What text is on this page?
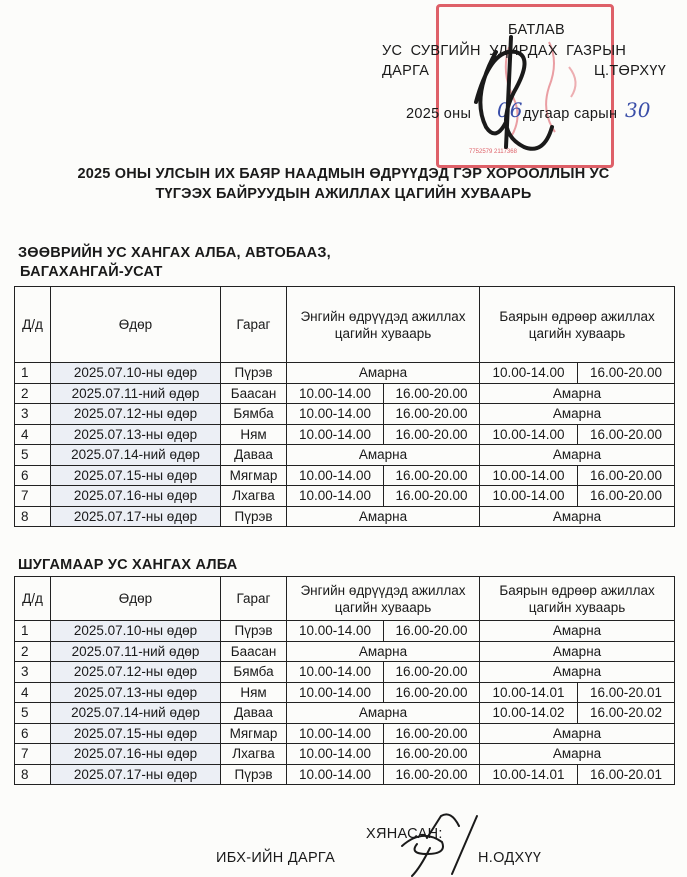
7752579 2117368
БАТЛАВ
УС СУВГИЙН УДИРДАХ ГАЗРЫН
ДАРГА	Ц.ТӨРХҮҮ
2025 оны 06 дугаар сарын 30
2025 ОНЫ УЛСЫН ИХ БАЯР НААДМЫН ӨДРҮҮДЭД ГЭР ХОРООЛЛЫН УС
ТҮГЭЭХ БАЙРУУДЫН АЖИЛЛАХ ЦАГИЙН ХУВААРЬ
ЗӨӨВРИЙН УС ХАНГАХ АЛБА, АВТОБААЗ,
БАГАХАНГАЙ-УСАТ
Д/д	Өдөр	Гараг	Энгийн өдрүүдэд ажиллах цагийн хуваарь		Баярын өдрөөр ажиллах цагийн хуваарь	
1	2025.07.10-ны өдөр	Пүрэв	Амарна		10.00-14.00	16.00-20.00
2	2025.07.11-ний өдөр	Баасан	10.00-14.00	16.00-20.00	Амарна	
3	2025.07.12-ны өдөр	Бямба	10.00-14.00	16.00-20.00	Амарна	
4	2025.07.13-ны өдөр	Ням	10.00-14.00	16.00-20.00	10.00-14.00	16.00-20.00
5	2025.07.14-ний өдөр	Даваа	Амарна		Амарна	
6	2025.07.15-ны өдөр	Мягмар	10.00-14.00	16.00-20.00	10.00-14.00	16.00-20.00
7	2025.07.16-ны өдөр	Лхагва	10.00-14.00	16.00-20.00	10.00-14.00	16.00-20.00
8	2025.07.17-ны өдөр	Пүрэв	Амарна		Амарна	
ШУГАМААР УС ХАНГАХ АЛБА
Д/д	Өдөр	Гараг	Энгийн өдрүүдэд ажиллах цагийн хуваарь		Баярын өдрөөр ажиллах цагийн хуваарь	
1	2025.07.10-ны өдөр	Пүрэв	10.00-14.00	16.00-20.00	Амарна	
2	2025.07.11-ний өдөр	Баасан	Амарна		Амарна	
3	2025.07.12-ны өдөр	Бямба	10.00-14.00	16.00-20.00	Амарна	
4	2025.07.13-ны өдөр	Ням	10.00-14.00	16.00-20.00	10.00-14.01	16.00-20.01
5	2025.07.14-ний өдөр	Даваа	Амарна		10.00-14.02	16.00-20.02
6	2025.07.15-ны өдөр	Мягмар	10.00-14.00	16.00-20.00	Амарна	
7	2025.07.16-ны өдөр	Лхагва	10.00-14.00	16.00-20.00	Амарна	
8	2025.07.17-ны өдөр	Пүрэв	10.00-14.00	16.00-20.00	10.00-14.01	16.00-20.01
ХЯНАСАН:
ИБХ-ИЙН ДАРГА	Н.ОДХҮҮ
